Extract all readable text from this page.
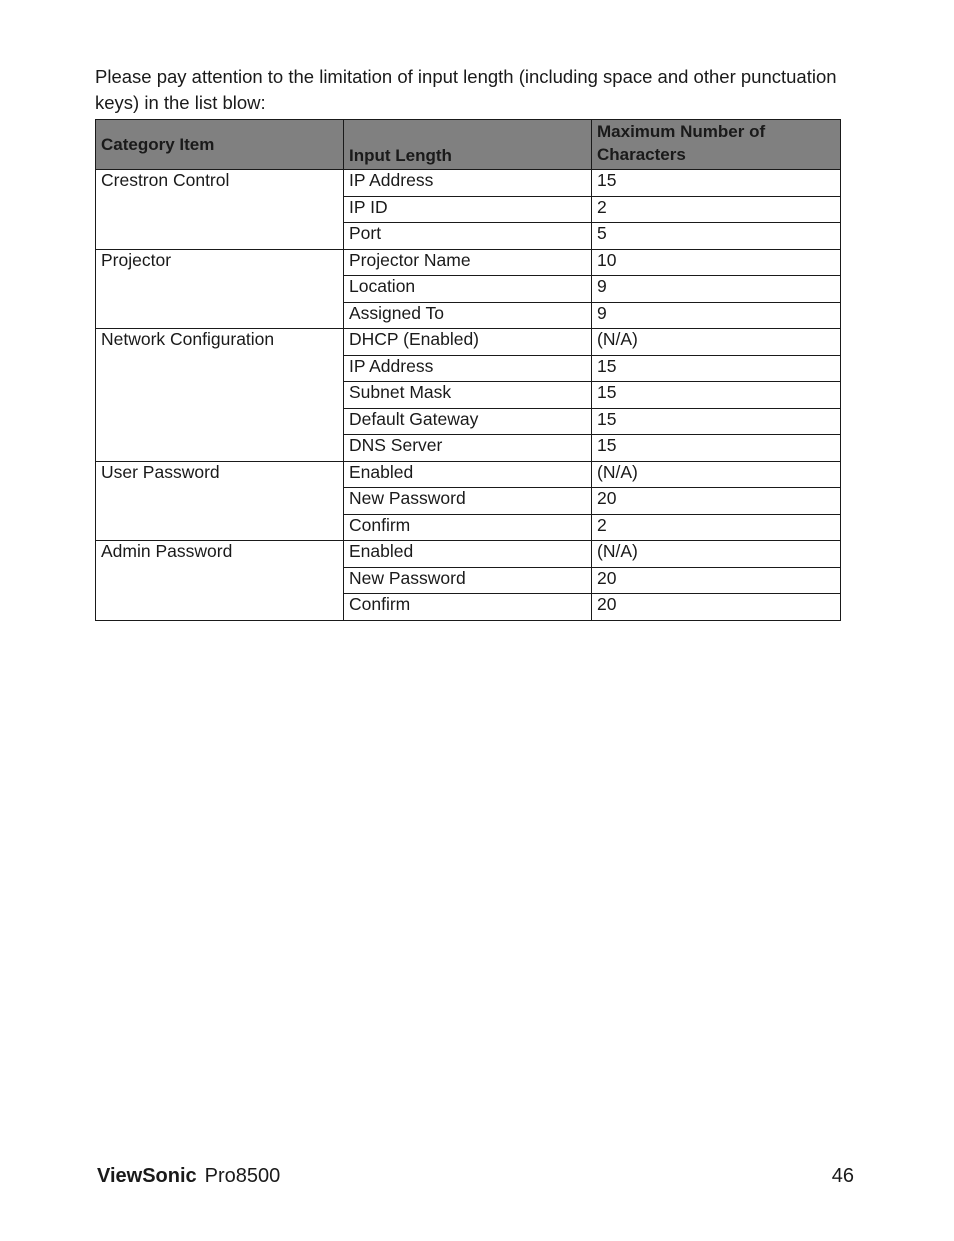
Please pay attention to the limitation of input length (including space and other punctuation keys) in the list blow:

Category Item	Input Length	Maximum Number of Characters
Crestron Control	IP Address	15
	IP ID	2
	Port	5
Projector	Projector Name	10
	Location	9
	Assigned To	9
Network Configuration	DHCP (Enabled)	(N/A)
	IP Address	15
	Subnet Mask	15
	Default Gateway	15
	DNS Server	15
User Password	Enabled	(N/A)
	New Password	20
	Confirm	2
Admin Password	Enabled	(N/A)
	New Password	20
	Confirm	20
ViewSonic Pro8500	46
